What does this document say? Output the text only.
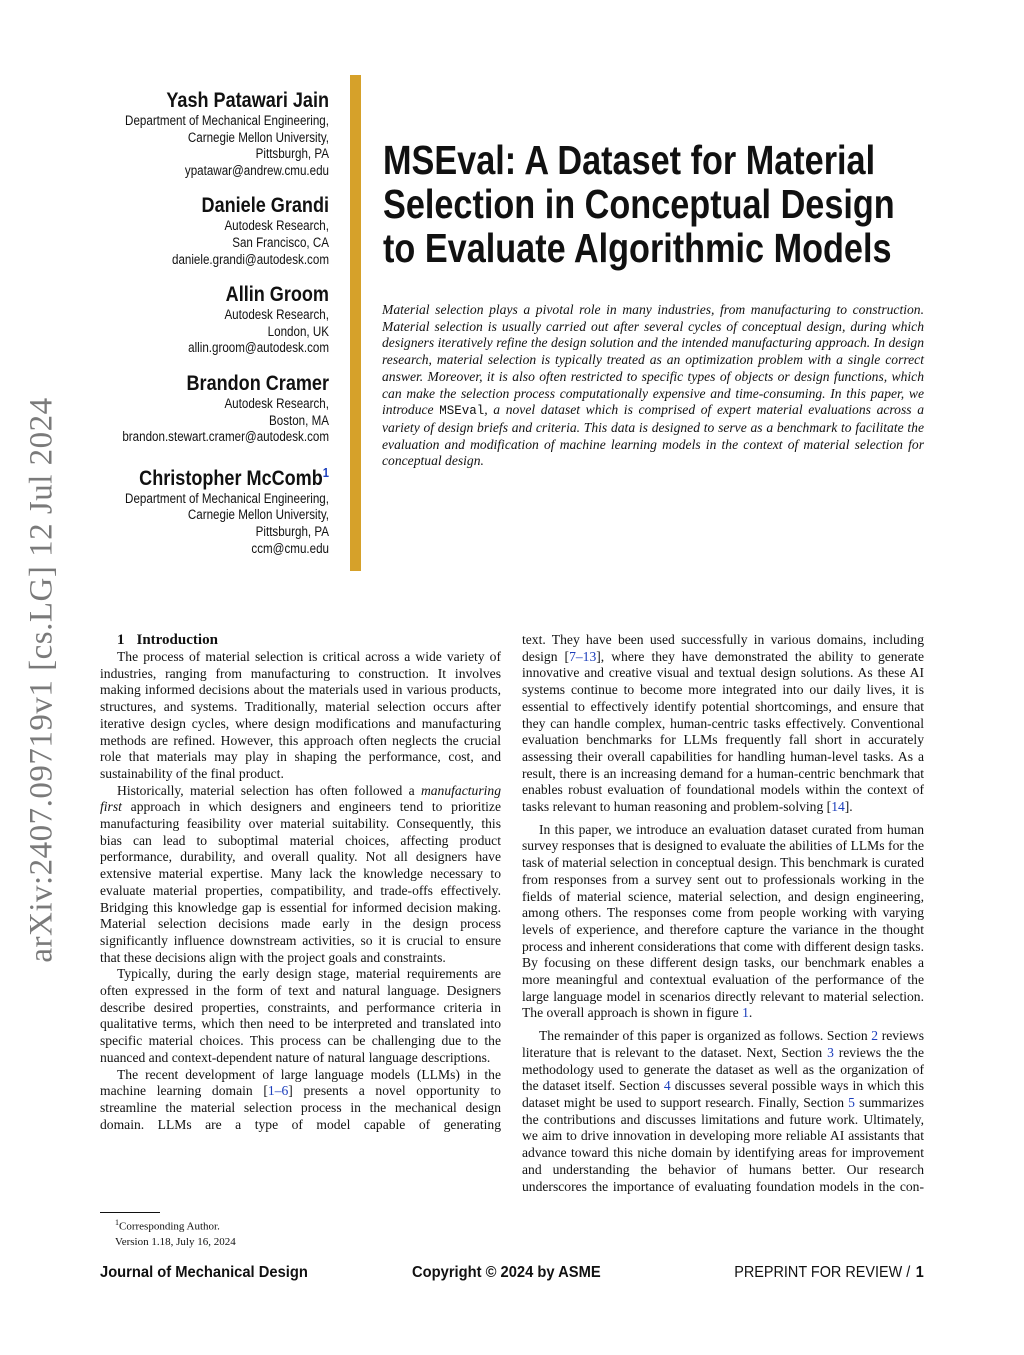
arXiv:2407.09719v1 [cs.LG] 12 Jul 2024
Yash Patawari Jain
Department of Mechanical Engineering,
Carnegie Mellon University,
Pittsburgh, PA
ypatawar@andrew.cmu.edu
Daniele Grandi
Autodesk Research,
San Francisco, CA
daniele.grandi@autodesk.com
Allin Groom
Autodesk Research,
London, UK
allin.groom@autodesk.com
Brandon Cramer
Autodesk Research,
Boston, MA
brandon.stewart.cramer@autodesk.com
Christopher McComb$^1$
Department of Mechanical Engineering,
Carnegie Mellon University,
Pittsburgh, PA
ccm@cmu.edu
MSEval: A Dataset for Material
Selection in Conceptual Design
to Evaluate Algorithmic Models
Material selection plays a pivotal role in many industries, from manufacturing to construction. Material selection is usually carried out after several cycles of conceptual design, during which designers iteratively refine the design solution and the intended manufacturing approach. In design research, material selection is typically treated as an optimization problem with a single correct answer. Moreover, it is also often restricted to specific types of objects or design functions, which can make the selection process computationally expensive and time-consuming. In this paper, we introduce MSEval, a novel dataset which is comprised of expert material evaluations across a variety of design briefs and criteria. This data is designed to serve as a benchmark to facilitate the evaluation and modification of machine learning models in the context of material selection for conceptual design.

1 Introduction

The process of material selection is critical across a wide variety of industries, ranging from manufacturing to construction. It involves making informed decisions about the materials used in various products, structures, and systems. Traditionally, material selection occurs after iterative design cycles, where design modifications and manufacturing methods are refined. However, this approach often neglects the crucial role that materials may play in shaping the performance, cost, and sustainability of the final product.

Historically, material selection has often followed a manufacturing first approach in which designers and engineers tend to prioritize manufacturing feasibility over material suitability. Consequently, this bias can lead to suboptimal material choices, affecting product performance, durability, and overall quality. Not all designers have extensive material expertise. Many lack the knowledge necessary to evaluate material properties, compatibility, and trade-offs effectively. Bridging this knowledge gap is essential for informed decision making. Material selection decisions made early in the design process significantly influence downstream activities, so it is crucial to ensure that these decisions align with the project goals and constraints.

Typically, during the early design stage, material requirements are often expressed in the form of text and natural language. Designers describe desired properties, constraints, and performance criteria in qualitative terms, which then need to be interpreted and translated into specific material choices. This process can be challenging due to the nuanced and context-dependent nature of natural language descriptions.

The recent development of large language models (LLMs) in the machine learning domain [1–6] presents a novel opportunity to streamline the material selection process in the mechanical design domain. LLMs are a type of model capable of generating

text. They have been used successfully in various domains, including design [7–13], where they have demonstrated the ability to generate innovative and creative visual and textual design solutions. As these AI systems continue to become more integrated into our daily lives, it is essential to effectively identify potential shortcomings, and ensure that they can handle complex, human-centric tasks effectively. Conventional evaluation benchmarks for LLMs frequently fall short in accurately assessing their overall capabilities for handling human-level tasks. As a result, there is an increasing demand for a human-centric benchmark that enables robust evaluation of foundational models within the context of tasks relevant to human reasoning and problem-solving [14].

In this paper, we introduce an evaluation dataset curated from human survey responses that is designed to evaluate the abilities of LLMs for the task of material selection in conceptual design. This benchmark is curated from responses from a survey sent out to professionals working in the fields of material science, material selection, and design engineering, among others. The responses come from people working with varying levels of experience, and therefore capture the variance in the thought process and inherent considerations that come with different design tasks. By focusing on these different design tasks, our benchmark enables a more meaningful and contextual evaluation of the performance of the large language model in scenarios directly relevant to material selection. The overall approach is shown in figure 1.

The remainder of this paper is organized as follows. Section 2 reviews literature that is relevant to the dataset. Next, Section 3 reviews the the methodology used to generate the dataset as well as the organization of the dataset itself. Section 4 discusses several possible ways in which this dataset might be used to support research. Finally, Section 5 summarizes the contributions and discusses limitations and future work. Ultimately, we aim to drive innovation in developing more reliable AI assistants that advance toward this niche domain by identifying areas for improvement and understanding the behavior of humans better. Our research underscores the importance of evaluating foundation models in the con-

$^1$Corresponding Author.
Version 1.18, July 16, 2024
Journal of Mechanical Design	Copyright © 2024 by ASME	PREPRINT FOR REVIEW / 1
